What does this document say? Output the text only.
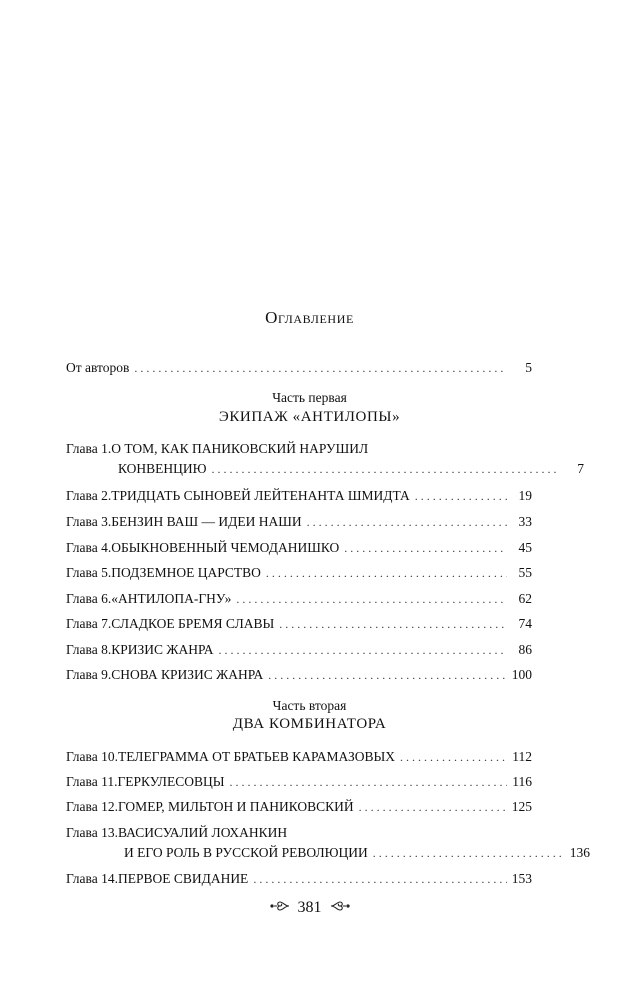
Оглавление
От авторов . . .	5
Часть первая
ЭКИПАЖ «АНТИЛОПЫ»
Глава 1. О ТОМ, КАК ПАНИКОВСКИЙ НАРУШИЛ
КОНВЕНЦИЮ . . .	7
Глава 2. ТРИДЦАТЬ СЫНОВЕЙ ЛЕЙТЕНАНТА ШМИДТА . . .	19
Глава 3. БЕНЗИН ВАШ — ИДЕИ НАШИ . . .	33
Глава 4. ОБЫКНОВЕННЫЙ ЧЕМОДАНИШКО . . .	45
Глава 5. ПОДЗЕМНОЕ ЦАРСТВО . . .	55
Глава 6. «АНТИЛОПА-ГНУ» . . .	62
Глава 7. СЛАДКОЕ БРЕМЯ СЛАВЫ . . .	74
Глава 8. КРИЗИС ЖАНРА . . .	86
Глава 9. СНОВА КРИЗИС ЖАНРА . . .	100
Часть вторая
ДВА КОМБИНАТОРА
Глава 10. ТЕЛЕГРАММА ОТ БРАТЬЕВ КАРАМАЗОВЫХ . . .	112
Глава 11. ГЕРКУЛЕСОВЦЫ . . .	116
Глава 12. ГОМЕР, МИЛЬТОН И ПАНИКОВСКИЙ . . .	125
Глава 13. ВАСИСУАЛИЙ ЛОХАНКИН
И ЕГО РОЛЬ В РУССКОЙ РЕВОЛЮЦИИ . . .	136
Глава 14. ПЕРВОЕ СВИДАНИЕ . . .	153
381
